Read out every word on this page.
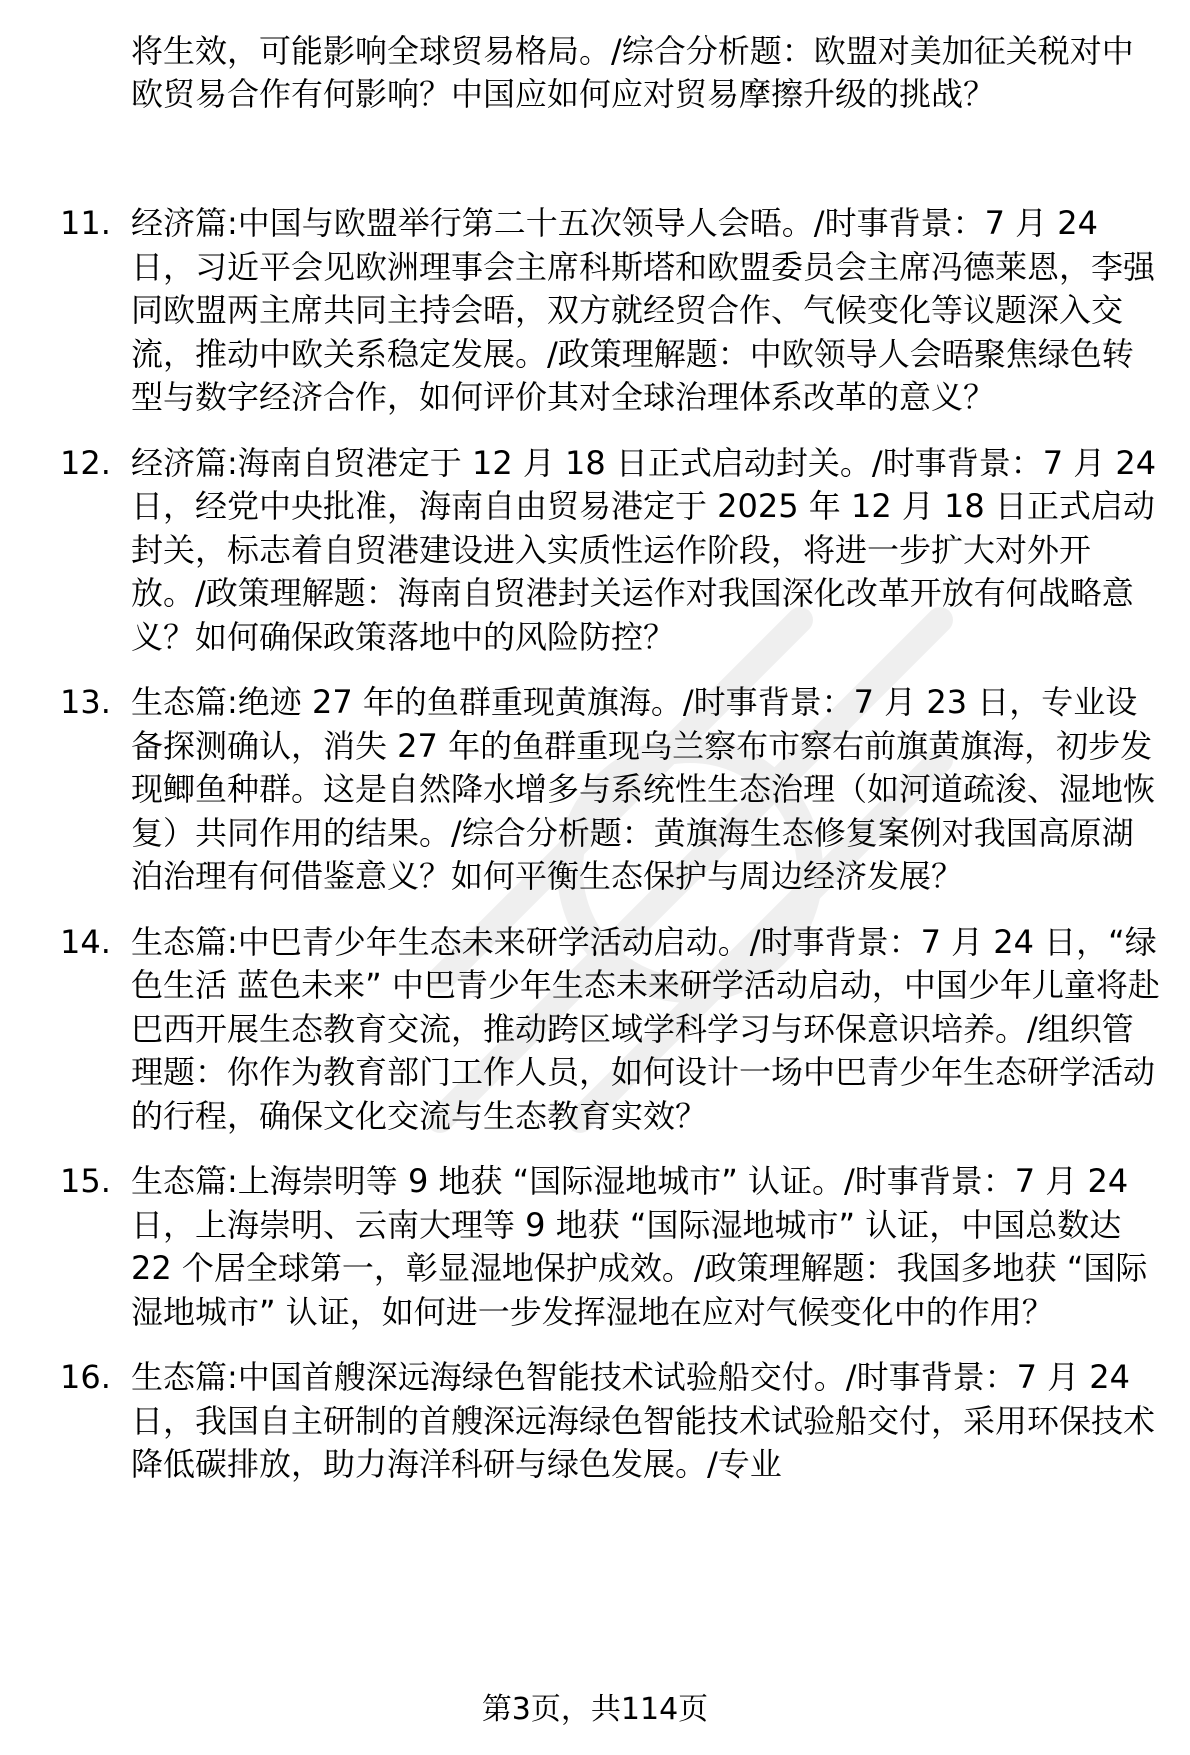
将生效，可能影响全球贸易格局。/综合分析题：欧盟对美加征关税对中欧贸易合作有何影响？中国应如何应对贸易摩擦升级的挑战？

11. 经济篇:中国与欧盟举行第二十五次领导人会晤。/时事背景：7 月 24 日，习近平会见欧洲理事会主席科斯塔和欧盟委员会主席冯德莱恩，李强同欧盟两主席共同主持会晤，双方就经贸合作、气候变化等议题深入交流，推动中欧关系稳定发展。/政策理解题：中欧领导人会晤聚焦绿色转型与数字经济合作，如何评价其对全球治理体系改革的意义？
12. 经济篇:海南自贸港定于 12 月 18 日正式启动封关。/时事背景：7 月 24 日，经党中央批准，海南自由贸易港定于 2025 年 12 月 18 日正式启动封关，标志着自贸港建设进入实质性运作阶段，将进一步扩大对外开放。/政策理解题：海南自贸港封关运作对我国深化改革开放有何战略意义？如何确保政策落地中的风险防控？
13. 生态篇:绝迹 27 年的鱼群重现黄旗海。/时事背景：7 月 23 日，专业设备探测确认，消失 27 年的鱼群重现乌兰察布市察右前旗黄旗海，初步发现鲫鱼种群。这是自然降水增多与系统性生态治理（如河道疏浚、湿地恢复）共同作用的结果。/综合分析题：黄旗海生态修复案例对我国高原湖泊治理有何借鉴意义？如何平衡生态保护与周边经济发展？
14. 生态篇:中巴青少年生态未来研学活动启动。/时事背景：7 月 24 日，“绿色生活 蓝色未来” 中巴青少年生态未来研学活动启动，中国少年儿童将赴巴西开展生态教育交流，推动跨区域学科学习与环保意识培养。/组织管理题：你作为教育部门工作人员，如何设计一场中巴青少年生态研学活动的行程，确保文化交流与生态教育实效？
15. 生态篇:上海崇明等 9 地获 “国际湿地城市” 认证。/时事背景：7 月 24 日，上海崇明、云南大理等 9 地获 “国际湿地城市” 认证，中国总数达 22 个居全球第一，彰显湿地保护成效。/政策理解题：我国多地获 “国际湿地城市” 认证，如何进一步发挥湿地在应对气候变化中的作用？
16. 生态篇:中国首艘深远海绿色智能技术试验船交付。/时事背景：7 月 24 日，我国自主研制的首艘深远海绿色智能技术试验船交付，采用环保技术降低碳排放，助力海洋科研与绿色发展。/专业
第3页，共114页
